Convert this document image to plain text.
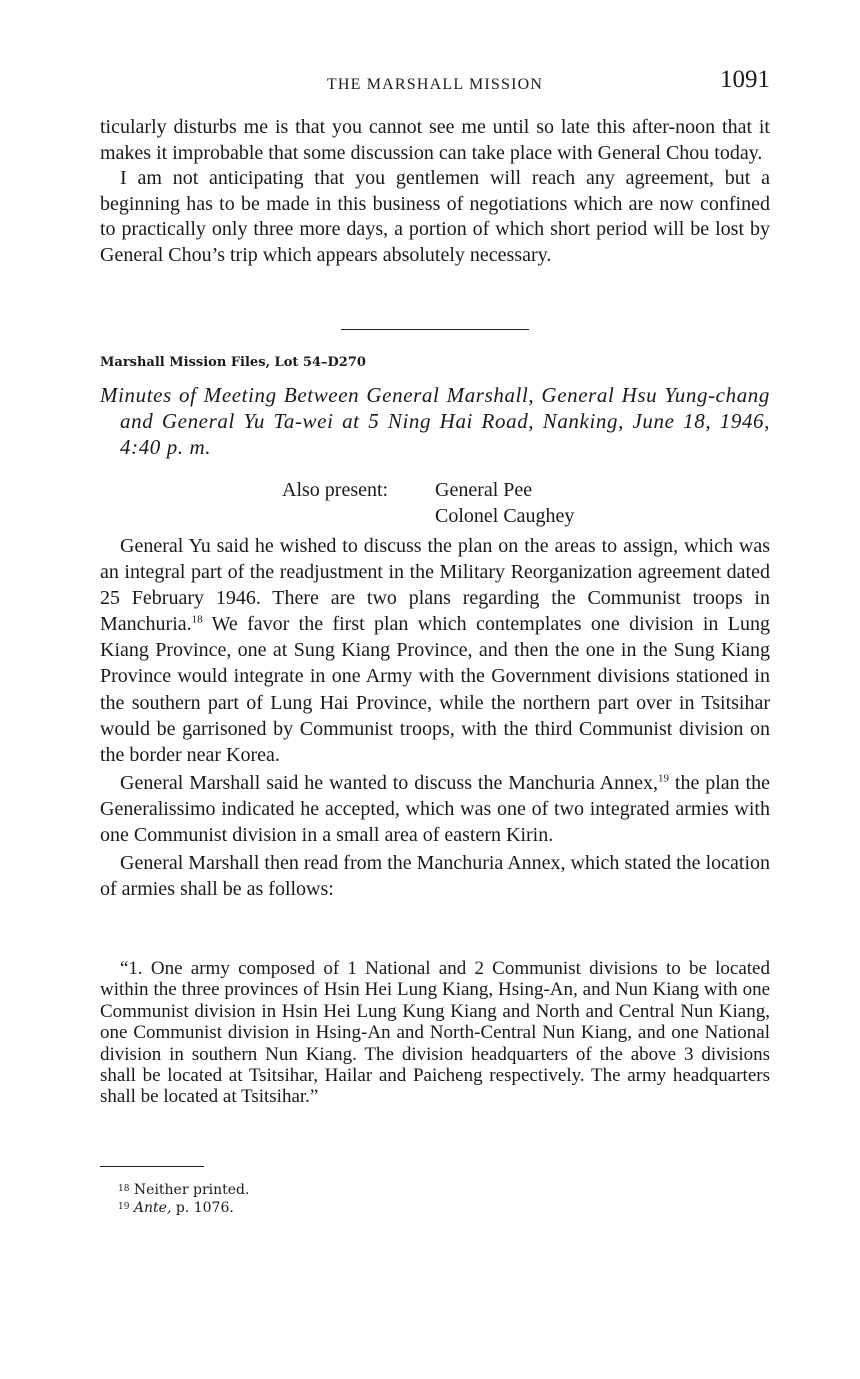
THE MARSHALL MISSION	1091

ticularly disturbs me is that you cannot see me until so late this after-noon that it makes it improbable that some discussion can take place with General Chou today.

I am not anticipating that you gentlemen will reach any agreement, but a beginning has to be made in this business of negotiations which are now confined to practically only three more days, a portion of which short period will be lost by General Chou’s trip which appears absolutely necessary.

Marshall Mission Files, Lot 54–D270
Minutes of Meeting Between General Marshall, General Hsu Yung-chang and General Yu Ta-wei at 5 Ning Hai Road, Nanking, June 18, 1946, 4:40 p. m.
Also present: General Pee
Colonel Caughey

General Yu said he wished to discuss the plan on the areas to assign, which was an integral part of the readjustment in the Military Reorganization agreement dated 25 February 1946. There are two plans regarding the Communist troops in Manchuria.$^{18}$ We favor the first plan which contemplates one division in Lung Kiang Province, one at Sung Kiang Province, and then the one in the Sung Kiang Province would integrate in one Army with the Government divisions stationed in the southern part of Lung Hai Province, while the northern part over in Tsitsihar would be garrisoned by Communist troops, with the third Communist division on the border near Korea.

General Marshall said he wanted to discuss the Manchuria Annex,$^{19}$ the plan the Generalissimo indicated he accepted, which was one of two integrated armies with one Communist division in a small area of eastern Kirin.

General Marshall then read from the Manchuria Annex, which stated the location of armies shall be as follows:

“1. One army composed of 1 National and 2 Communist divisions to be located within the three provinces of Hsin Hei Lung Kiang, Hsing-An, and Nun Kiang with one Communist division in Hsin Hei Lung Kung Kiang and North and Central Nun Kiang, one Communist division in Hsing-An and North-Central Nun Kiang, and one National division in southern Nun Kiang. The division headquarters of the above 3 divisions shall be located at Tsitsihar, Hailar and Paicheng respectively. The army headquarters shall be located at Tsitsihar.”
$^{18}$ Neither printed.
$^{19}$ Ante, p. 1076.
